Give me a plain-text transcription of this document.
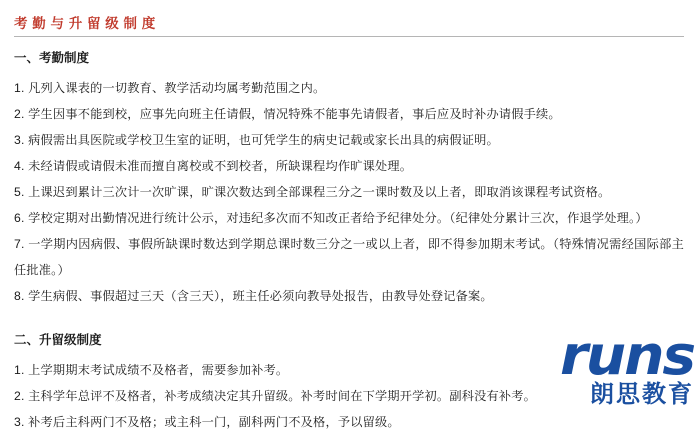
考 勤 与 升 留 级 制 度
一、考勤制度

1. 凡列入课表的一切教育、教学活动均属考勤范围之内。

2. 学生因事不能到校，应事先向班主任请假，情况特殊不能事先请假者，事后应及时补办请假手续。

3. 病假需出具医院或学校卫生室的证明，也可凭学生的病史记载或家长出具的病假证明。

4. 未经请假或请假未准而擅自离校或不到校者，所缺课程均作旷课处理。

5. 上课迟到累计三次计一次旷课，旷课次数达到全部课程三分之一课时数及以上者，即取消该课程考试资格。

6. 学校定期对出勤情况进行统计公示，对违纪多次而不知改正者给予纪律处分。（纪律处分累计三次，作退学处理。）

7. 一学期内因病假、事假所缺课时数达到学期总课时数三分之一或以上者，即不得参加期末考试。（特殊情况需经国际部主任批准。）

8. 学生病假、事假超过三天（含三天），班主任必须向教导处报告，由教导处登记备案。

二、升留级制度

1. 上学期期末考试成绩不及格者，需要参加补考。

2. 主科学年总评不及格者，补考成绩决定其升留级。补考时间在下学期开学初。副科没有补考。

3. 补考后主科两门不及格；或主科一门，副科两门不及格，予以留级。

runs
朗思教育
